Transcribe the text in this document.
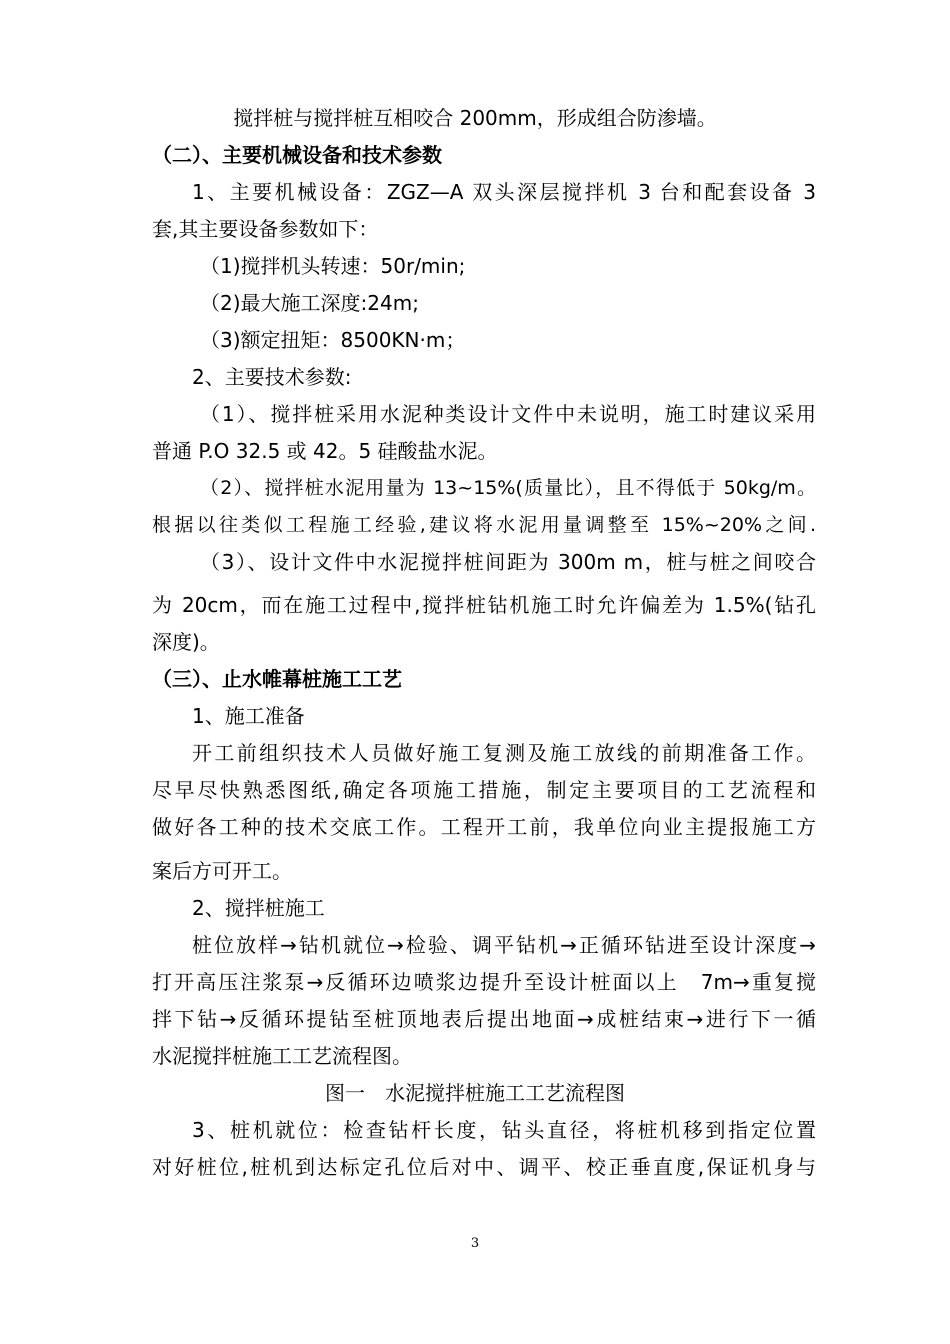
搅拌桩与搅拌桩互相咬合 200mm，形成组合防渗墙。
（二）、主要机械设备和技术参数
1、主要机械设备：ZGZ—A 双头深层搅拌机 3 台和配套设备 3
套,其主要设备参数如下：
（1)搅拌机头转速：50r/min;
（2)最大施工深度:24m;
（3)额定扭矩：8500KN·m；
2、主要技术参数:
（1）、搅拌桩采用水泥种类设计文件中未说明，施工时建议采用
普通 P.O 32.5 或 42。5 硅酸盐水泥。
（2）、搅拌桩水泥用量为 13~15%(质量比），且不得低于 50kg/m。
根据以往类似工程施工经验,建议将水泥用量调整至 15%~20%之间.
（3）、设计文件中水泥搅拌桩间距为 300m m，桩与桩之间咬合
为 20cm，而在施工过程中,搅拌桩钻机施工时允许偏差为 1.5%(钻孔
深度)。
（三）、止水帷幕桩施工工艺
1、施工准备
开工前组织技术人员做好施工复测及施工放线的前期准备工作。
尽早尽快熟悉图纸,确定各项施工措施，制定主要项目的工艺流程和
做好各工种的技术交底工作。工程开工前，我单位向业主提报施工方
案后方可开工。
2、搅拌桩施工
桩位放样→钻机就位→检验、调平钻机→正循环钻进至设计深度→
打开高压注浆泵→反循环边喷浆边提升至设计桩面以上　7m→重复搅
拌下钻→反循环提钻至桩顶地表后提出地面→成桩结束→进行下一循
水泥搅拌桩施工工艺流程图。
图一　水泥搅拌桩施工工艺流程图
3、桩机就位：检查钻杆长度，钻头直径，将桩机移到指定位置
对好桩位,桩机到达标定孔位后对中、调平、校正垂直度,保证机身与
3
